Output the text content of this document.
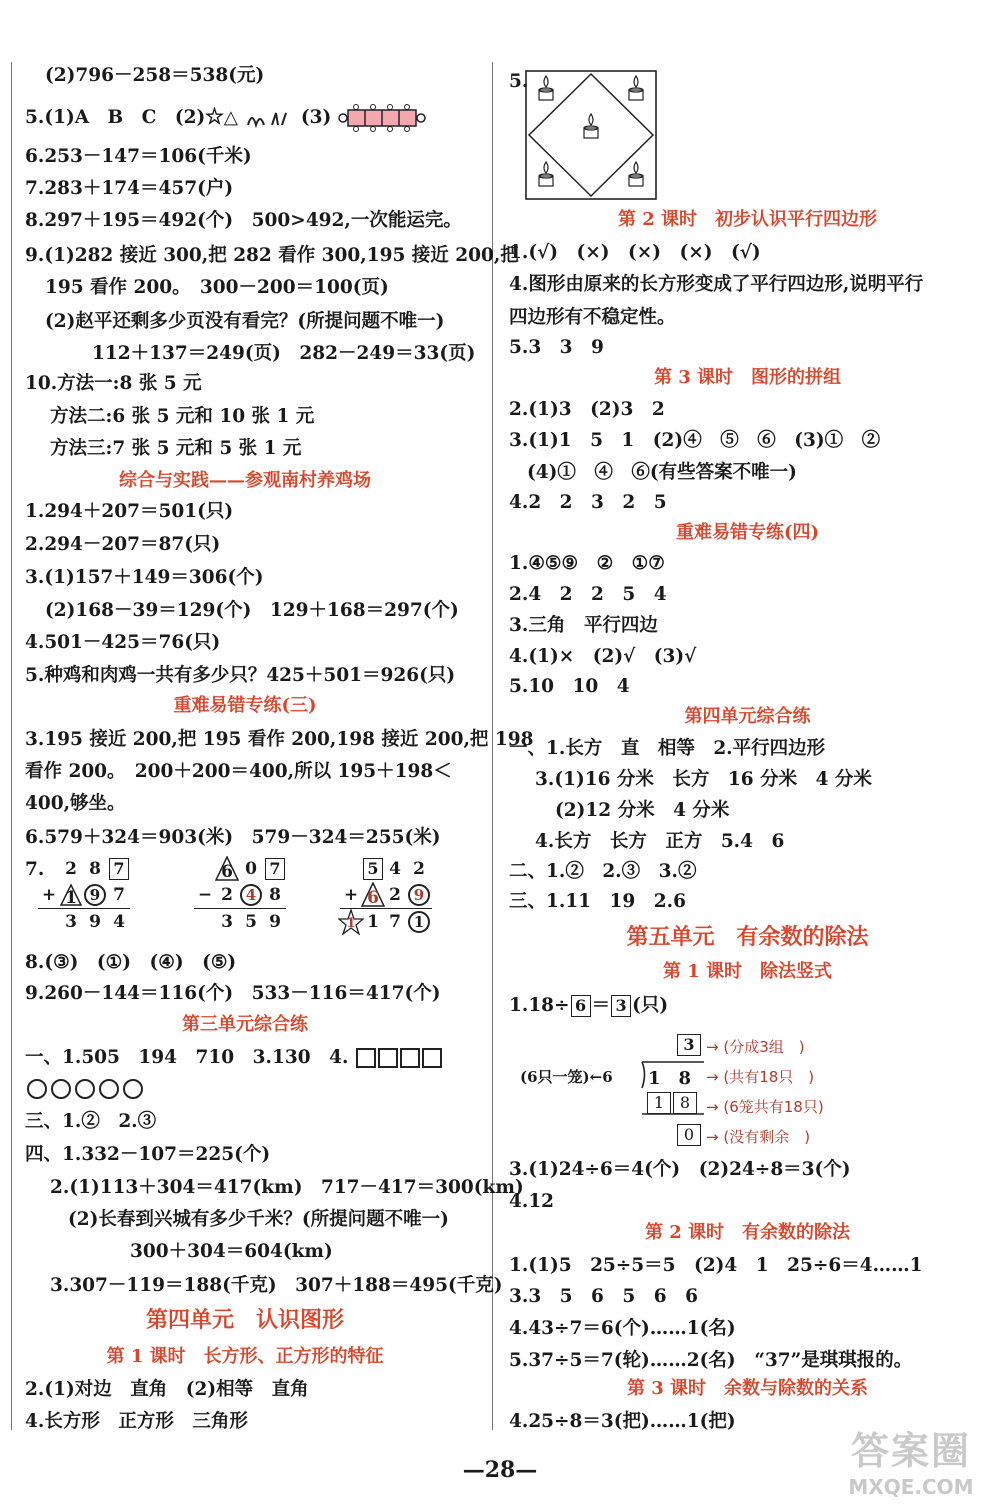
(2)796－258＝538(元)
5.(1)A　B　C　(2)☆△	(3)
6.253－147＝106(千米)
7.283＋174＝457(户)
8.297＋195＝492(个)　500>492,一次能运完。
9.(1)282 接近 300,把 282 看作 300,195 接近 200,把
195 看作 200。　300－200＝100(页)
(2)赵平还剩多少页没有看完？(所提问题不唯一)
112＋137＝249(页)　282－249＝33(页)
10.方法一:8 张 5 元
方法二:6 张 5 元和 10 张 1 元
方法三:7 张 5 元和 5 张 1 元
综合与实践——参观南村养鸡场
1.294＋207＝501(只)
2.294－207＝87(只)
3.(1)157＋149＝306(个)
(2)168－39＝129(个)　129＋168＝297(个)
4.501－425＝76(只)
5.种鸡和肉鸡一共有多少只？425＋501＝926(只)
重难易错专练(三)
3.195 接近 200,把 195 看作 200,198 接近 200,把 198
看作 200。　200＋200＝400,所以 195＋198＜
400,够坐。
6.579＋324＝903(米)　579－324＝255(米)
7.
	2	8	7
+	1	9	7
	3	9	4

6	0	7
−	2	4	8
	3	5	9
	5	4	2
+	6	2	9

1	1	7	1
8.(③)　(①)　(④)　(⑤)
9.260－144＝116(个)　533－116＝417(个)
第三单元综合练
一、1.505　194　710　3.130　4.
三、1.②　2.③
四、1.332－107＝225(个)
2.(1)113＋304＝417(km)　717－417＝300(km)
(2)长春到兴城有多少千米？(所提问题不唯一)
300＋304＝604(km)
3.307－119＝188(千克)　307＋188＝495(千克)
第四单元　认识图形
第 1 课时　长方形、正方形的特征
2.(1)对边　直角　(2)相等　直角
4.长方形　正方形　三角形
5.
第 2 课时　初步认识平行四边形
1.(√)　(×)　(×)　(×)　(√)
4.图形由原来的长方形变成了平行四边形,说明平行
四边形有不稳定性。
5.3　3　9
第 3 课时　图形的拼组
2.(1)3　(2)3　2
3.(1)1　5　1　(2)④　⑤　⑥　(3)①　②
(4)①　④　⑥(有些答案不唯一)
4.2　2　3　2　5
重难易错专练(四)
1.④⑤⑨　②　①⑦
2.4　2　2　5　4
3.三角　平行四边
4.(1)×　(2)√　(3)√
5.10　10　4
第四单元综合练
一、1.长方　直　相等　2.平行四边形
3.(1)16 分米　长方　16 分米　4 分米
(2)12 分米　4 分米
4.长方　长方　正方　5.4　6
二、1.②　2.③　3.②
三、1.11　19　2.6
第五单元　有余数的除法
第 1 课时　除法竖式
1.18÷ 6 ＝ 3 (只)
3 → (分成3组　)
(6只一笼)←6 1　8 → (共有18只　)
1 8	→ (6笼共有18只)
0 → (没有剩余　)
3.(1)24÷6＝4(个)　(2)24÷8＝3(个)
4.12
第 2 课时　有余数的除法
1.(1)5　25÷5＝5　(2)4　1　25÷6＝4……1
3.3　5　6　5　6　6
4.43÷7＝6(个)……1(名)
5.37÷5＝7(轮)……2(名)　“37”是琪琪报的。
第 3 课时　余数与除数的关系
4.25÷8＝3(把)……1(把)
—28—	答案圈
MXQE.COM
